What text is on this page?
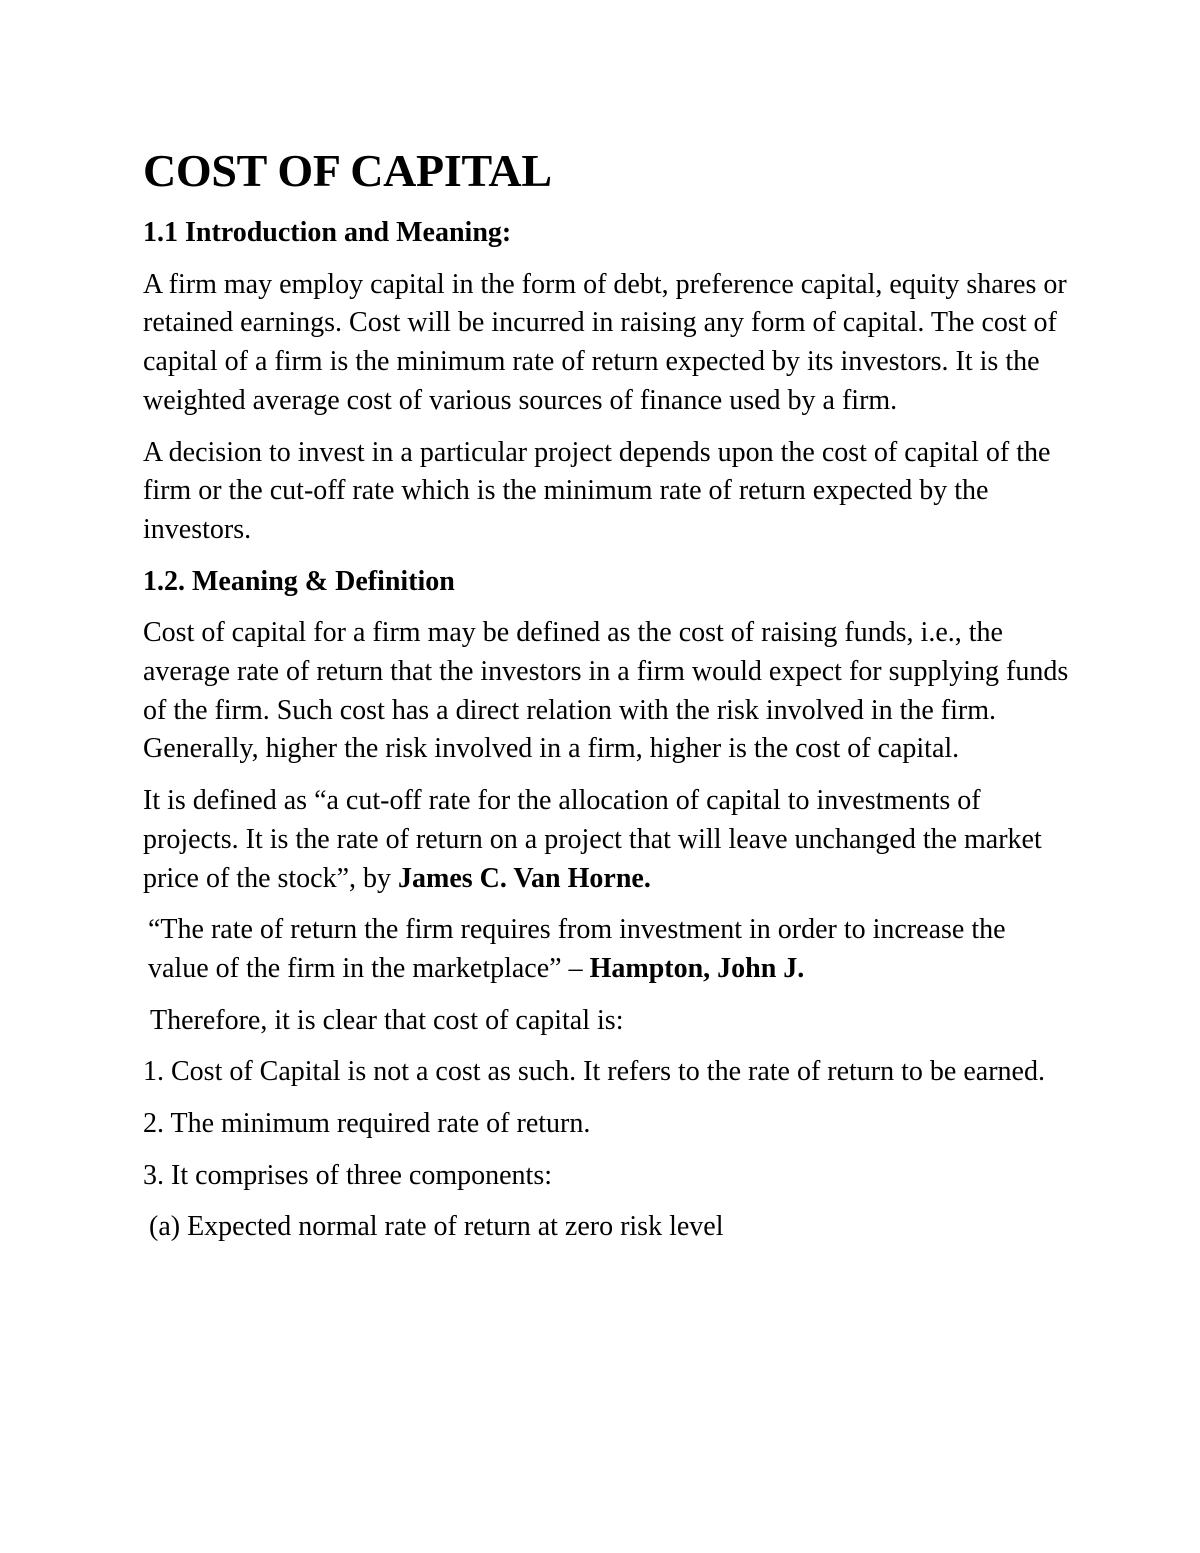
COST OF CAPITAL
1.1 Introduction and Meaning:

A firm may employ capital in the form of debt, preference capital, equity shares or retained earnings. Cost will be incurred in raising any form of capital. The cost of capital of a firm is the minimum rate of return expected by its investors. It is the weighted average cost of various sources of finance used by a firm.

A decision to invest in a particular project depends upon the cost of capital of the firm or the cut-off rate which is the minimum rate of return expected by the investors.

1.2. Meaning & Definition

Cost of capital for a firm may be defined as the cost of raising funds, i.e., the average rate of return that the investors in a firm would expect for supplying funds of the firm. Such cost has a direct relation with the risk involved in the firm. Generally, higher the risk involved in a firm, higher is the cost of capital.

It is defined as “a cut-off rate for the allocation of capital to investments of projects. It is the rate of return on a project that will leave unchanged the market price of the stock”, by James C. Van Horne.

“The rate of return the firm requires from investment in order to increase the value of the firm in the marketplace” – Hampton, John J.

Therefore, it is clear that cost of capital is:

1. Cost of Capital is not a cost as such. It refers to the rate of return to be earned.

2. The minimum required rate of return.

3. It comprises of three components:

(a) Expected normal rate of return at zero risk level
